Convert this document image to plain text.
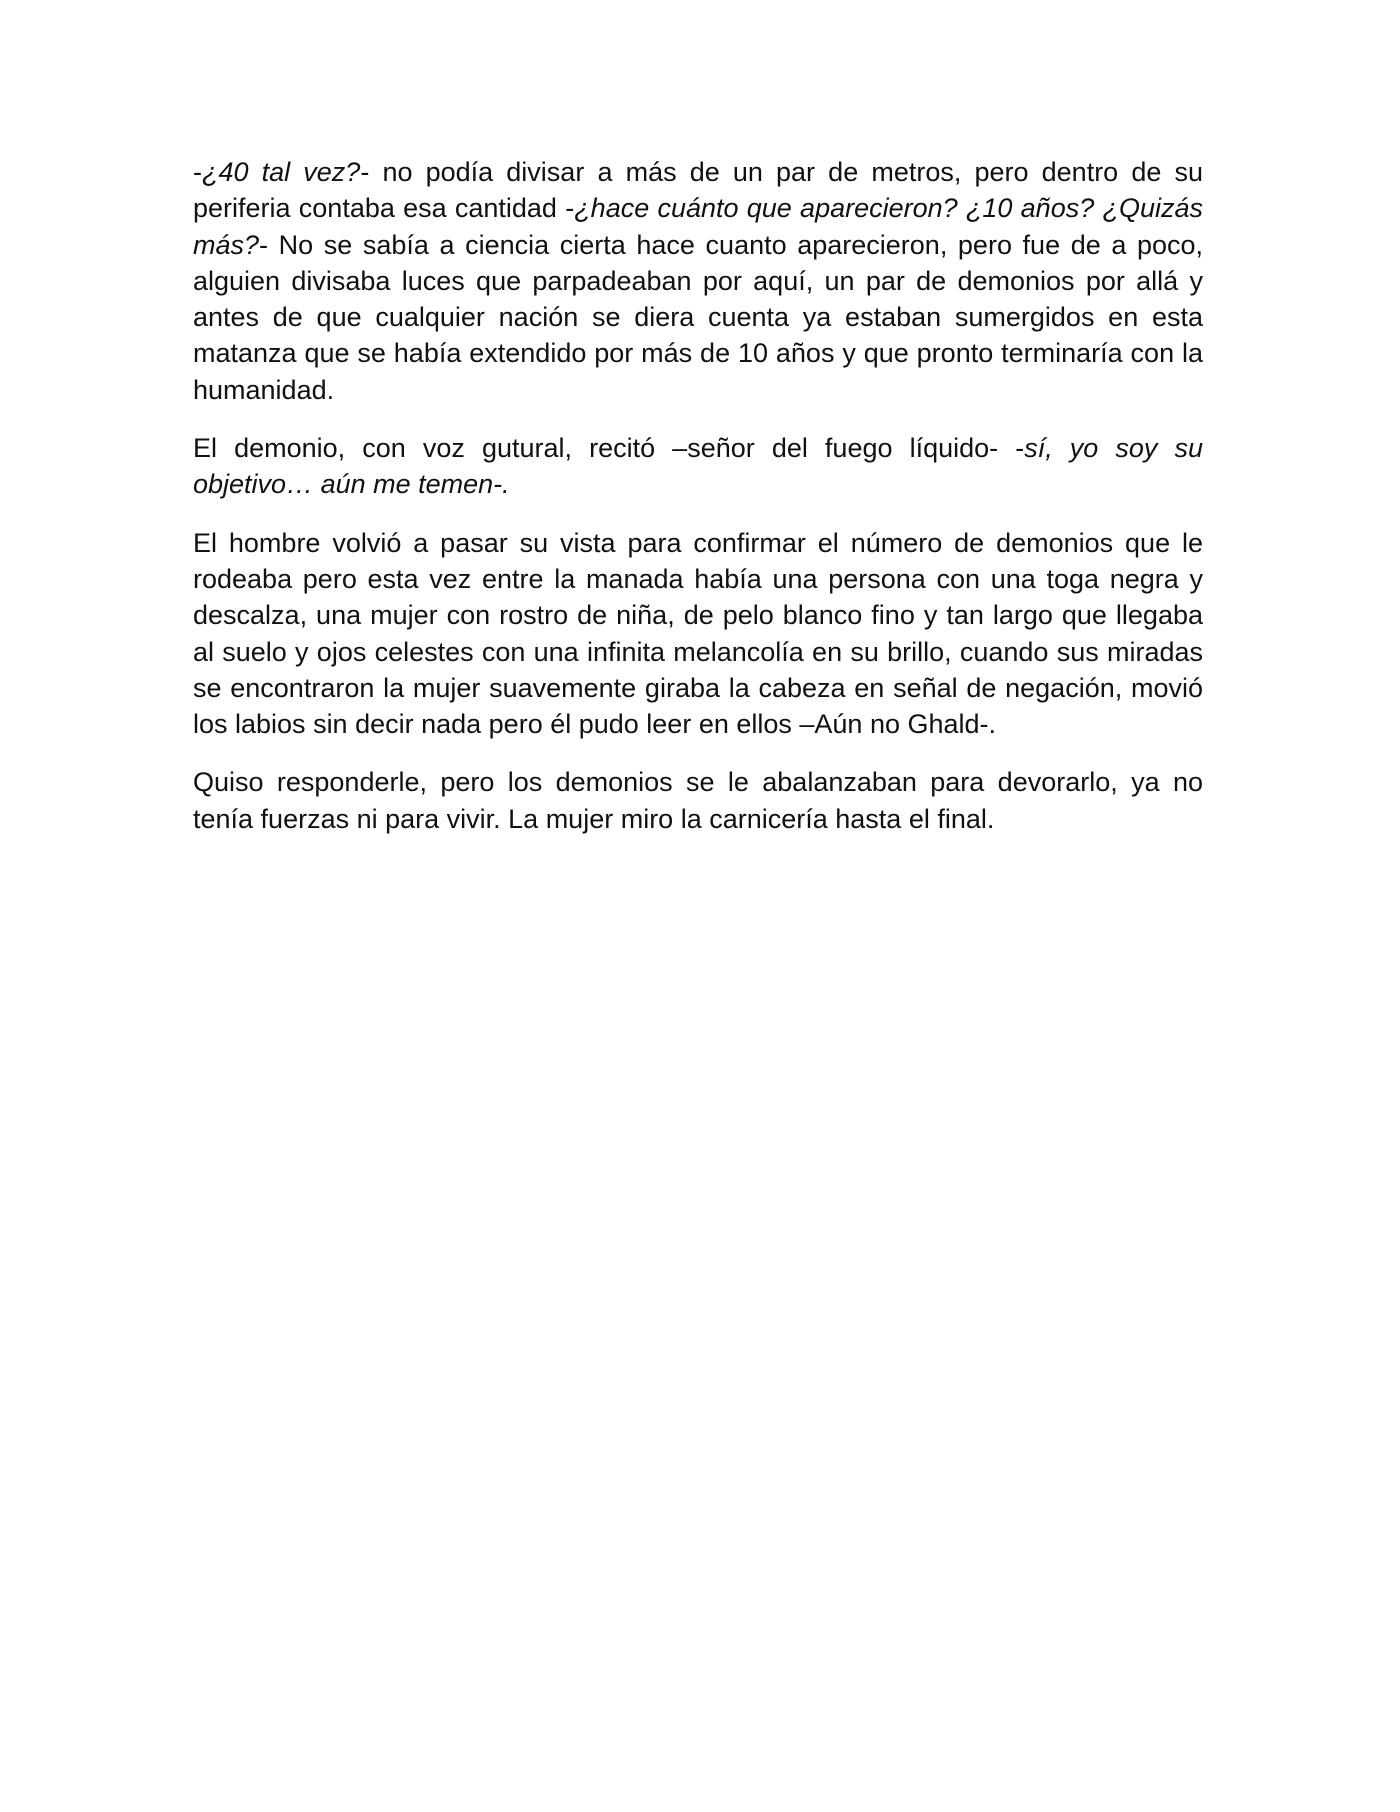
-¿40 tal vez?- no podía divisar a más de un par de metros, pero dentro de su periferia contaba esa cantidad -¿hace cuánto que aparecieron? ¿10 años? ¿Quizás más?- No se sabía a ciencia cierta hace cuanto aparecieron, pero fue de a poco, alguien divisaba luces que parpadeaban por aquí, un par de demonios por allá y antes de que cualquier nación se diera cuenta ya estaban sumergidos en esta matanza que se había extendido por más de 10 años y que pronto terminaría con la humanidad.

El demonio, con voz gutural, recitó –señor del fuego líquido- -sí, yo soy su objetivo… aún me temen-.

El hombre volvió a pasar su vista para confirmar el número de demonios que le rodeaba pero esta vez entre la manada había una persona con una toga negra y descalza, una mujer con rostro de niña, de pelo blanco fino y tan largo que llegaba al suelo y ojos celestes con una infinita melancolía en su brillo, cuando sus miradas se encontraron la mujer suavemente giraba la cabeza en señal de negación, movió los labios sin decir nada pero él pudo leer en ellos –Aún no Ghald-.

Quiso responderle, pero los demonios se le abalanzaban para devorarlo, ya no tenía fuerzas ni para vivir. La mujer miro la carnicería hasta el final.
